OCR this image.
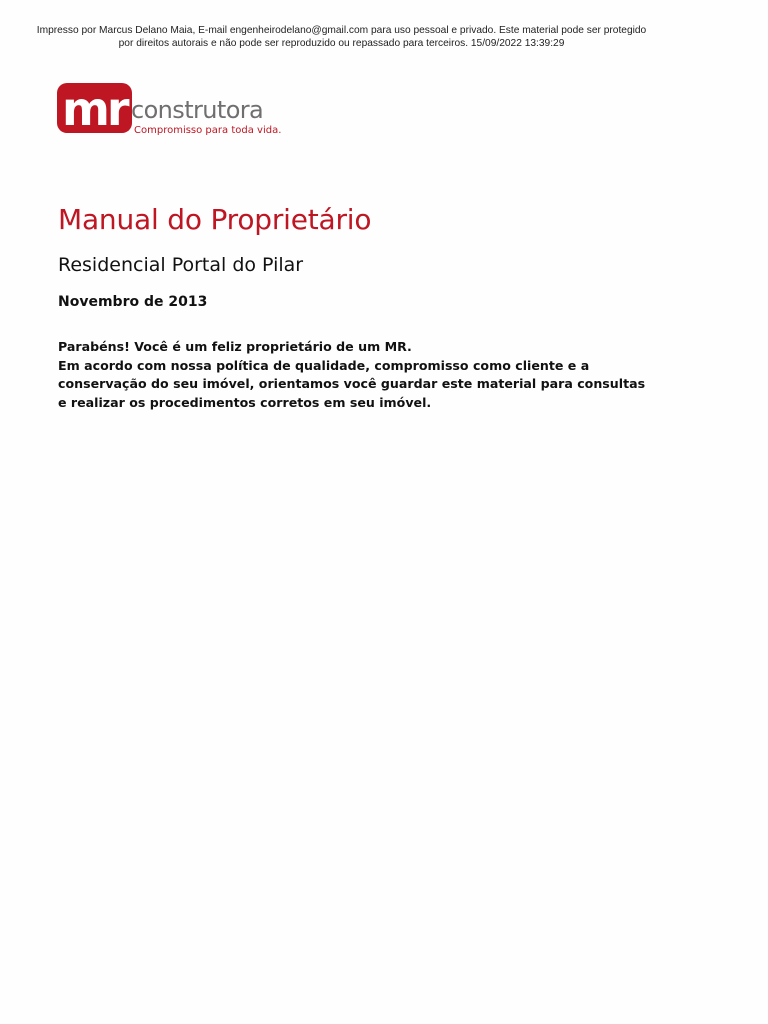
Impresso por Marcus Delano Maia, E-mail engenheirodelano@gmail.com para uso pessoal e privado. Este material pode ser protegido
por direitos autorais e não pode ser reproduzido ou repassado para terceiros. 15/09/2022 13:39:29
mr construtora
Compromisso para toda vida.
Manual do Proprietário
Residencial Portal do Pilar

Novembro de 2013

Parabéns! Você é um feliz proprietário de um MR.
Em acordo com nossa política de qualidade, compromisso como cliente e a
conservação do seu imóvel, orientamos você guardar este material para consultas
e realizar os procedimentos corretos em seu imóvel.
